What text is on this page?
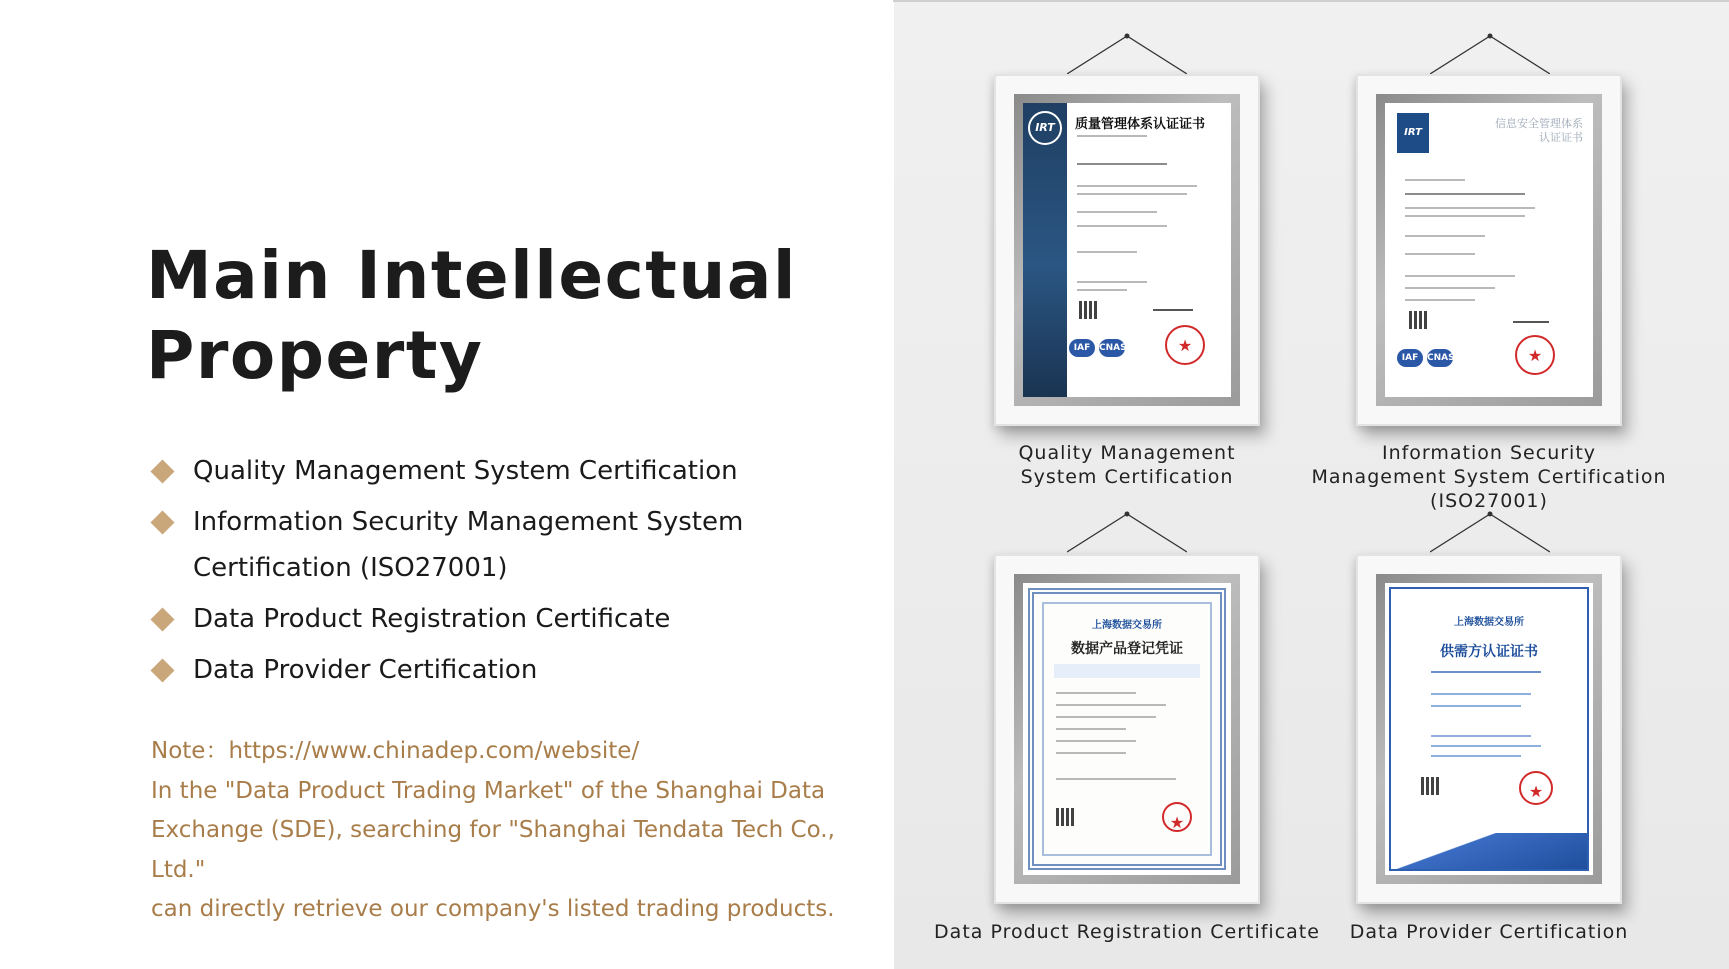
Main Intellectual
Property
Quality Management System Certification
Information Security Management System Certification (ISO27001)
Data Product Registration Certificate
Data Provider Certification

Note：https://www.chinadep.com/website/

In the "Data Product Trading Market" of the Shanghai Data

Exchange (SDE), searching for "Shanghai Tendata Tech Co., Ltd."

can directly retrieve our company's listed trading products.

IRT	质量管理体系认证证书
IAF CNAS
★
Quality Management
System Certification
IRT
信息安全管理体系
认证证书
IAF CNAS
★
Information Security
Management System Certification
(ISO27001)
上海数据交易所
数据产品登记凭证
★
Data Product Registration Certificate
上海数据交易所
供需方认证证书
★
Data Provider Certification
